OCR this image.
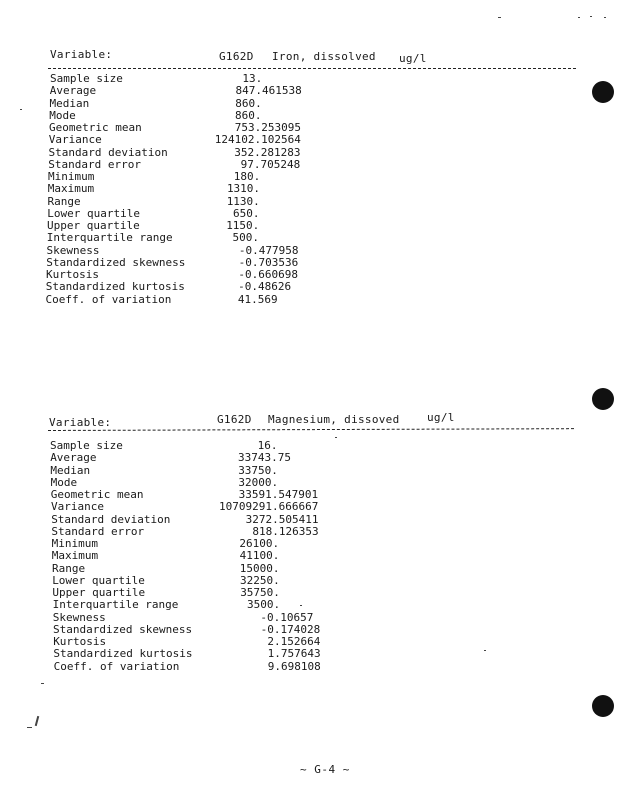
Variable:	G162D Iron, dissolved ug/l
Sample size	13.
Average	847.461538
Median	860.
Mode	860.
Geometric mean	753.253095
Variance	124102.102564
Standard deviation	352.281283
Standard error	97.705248
Minimum	180.
Maximum	1310.
Range	1130.
Lower quartile	650.
Upper quartile	1150.
Interquartile range	500.
Skewness	-0.477958
Standardized skewness	-0.703536
Kurtosis	-0.660698
Standardized kurtosis	-0.48626
Coeff. of variation	41.569
Variable:	G162D Magnesium, dissoved ug/l
Sample size	16.
Average	33743.75
Median	33750.
Mode	32000.
Geometric mean	33591.547901
Variance	10709291.666667
Standard deviation	3272.505411
Standard error	818.126353
Minimum	26100.
Maximum	41100.
Range	15000.
Lower quartile	32250.
Upper quartile	35750.
Interquartile range	3500.
Skewness	-0.10657
Standardized skewness	-0.174028
Kurtosis	2.152664
Standardized kurtosis	1.757643
Coeff. of variation	9.698108
~ G-4 ~
